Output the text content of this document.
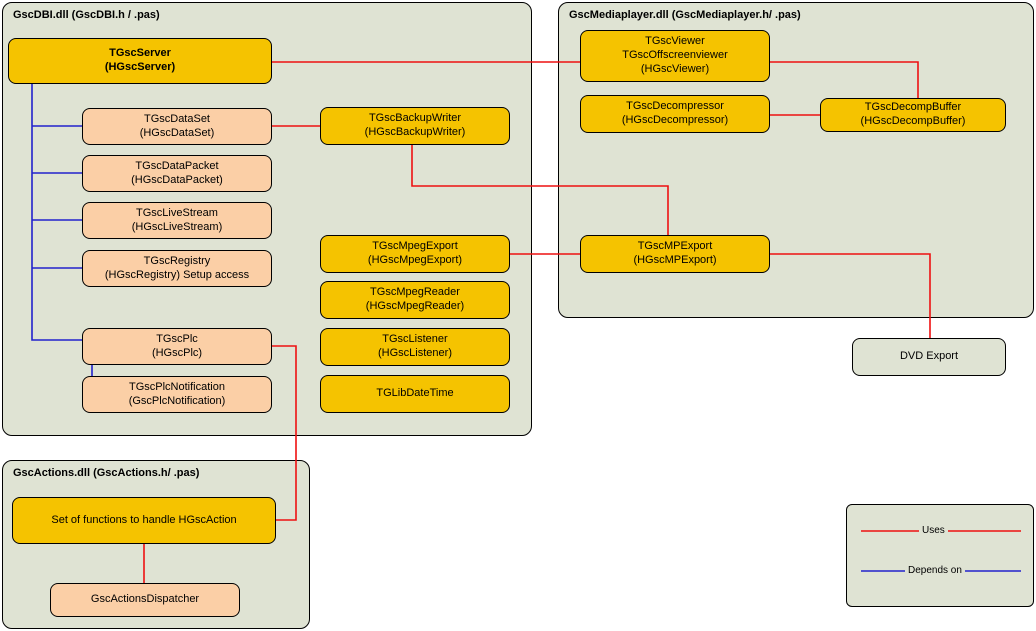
GscDBI.dll (GscDBI.h / .pas)	GscMediaplayer.dll (GscMediaplayer.h/ .pas)
GscActions.dll (GscActions.h/ .pas)
TGscServer
(HGscServer)
TGscDataSet
(HGscDataSet)
TGscDataPacket
(HGscDataPacket)
TGscLiveStream
(HGscLiveStream)
TGscRegistry
(HGscRegistry) Setup access
TGscPlc
(HGscPlc)
TGscPlcNotification
(GscPlcNotification)
TGscBackupWriter
(HGscBackupWriter)
TGscMpegExport
(HGscMpegExport)
TGscMpegReader
(HGscMpegReader)
TGscListener
(HGscListener)
TGLibDateTime
TGscViewer
TGscOffscreenviewer
(HGscViewer)
TGscDecompressor
(HGscDecompressor)
TGscDecompBuffer
(HGscDecompBuffer)
TGscMPExport
(HGscMPExport)
DVD Export
Set of functions to handle HGscAction
GscActionsDispatcher
Uses
Depends on
